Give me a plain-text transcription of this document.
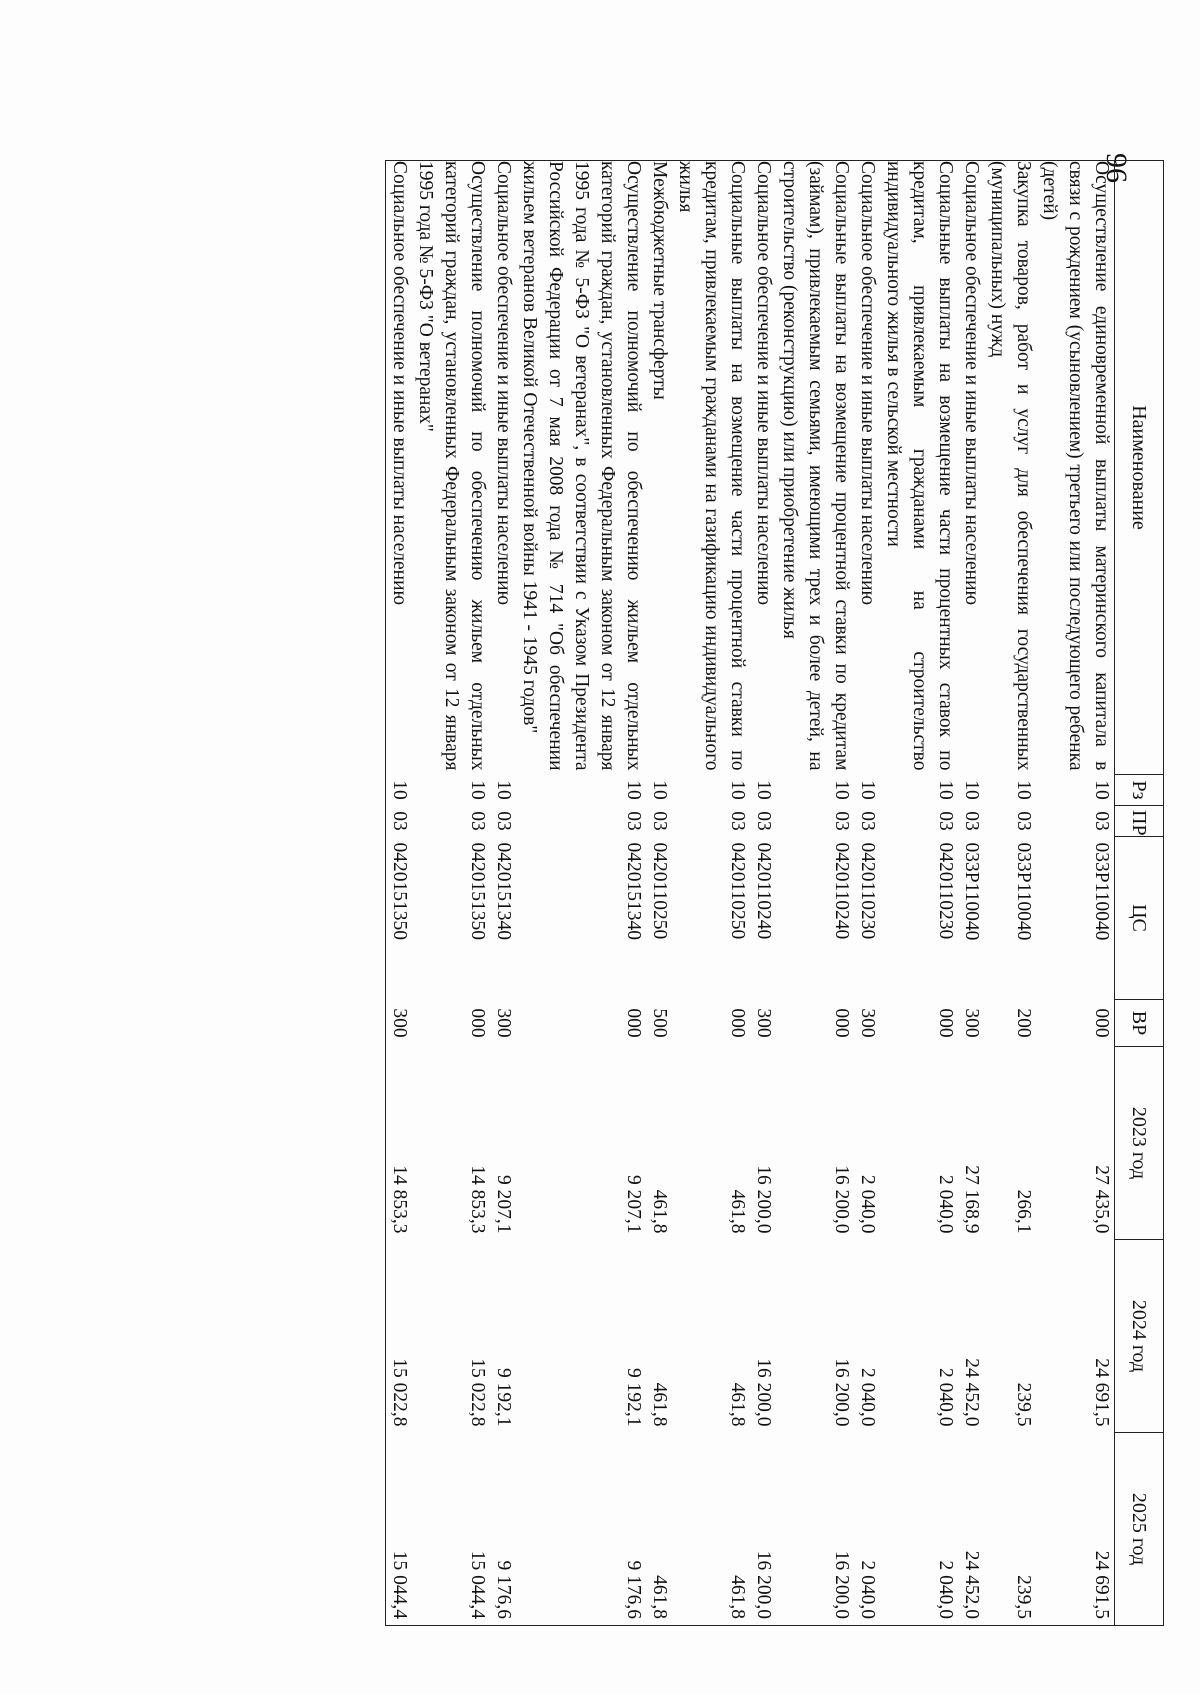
96
Наименование	Рз	ПР	ЦС	ВР	2023 год	2024 год	2025 год
Осуществление единовременной выплаты материнского капитала в связи с рождением (усыновлением) третьего или последующего ребенка (детей)	10	03	033P110040	000	27 435,0	24 691,5	24 691,5
Закупка товаров, работ и услуг для обеспечения государственных (муниципальных) нужд	10	03	033P110040	200	266,1	239,5	239,5
Социальное обеспечение и иные выплаты населению	10	03	033P110040	300	27 168,9	24 452,0	24 452,0
Социальные выплаты на возмещение части процентных ставок по кредитам, привлекаемым гражданами на строительство индивидуального жилья в сельской местности	10	03	0420110230	000	2 040,0	2 040,0	2 040,0
Социальное обеспечение и иные выплаты населению	10	03	0420110230	300	2 040,0	2 040,0	2 040,0
Социальные выплаты на возмещение процентной ставки по кредитам (займам), привлекаемым семьями, имеющими трех и более детей, на строительство (реконструкцию) или приобретение жилья	10	03	0420110240	000	16 200,0	16 200,0	16 200,0
Социальное обеспечение и иные выплаты населению	10	03	0420110240	300	16 200,0	16 200,0	16 200,0
Социальные выплаты на возмещение части процентной ставки по кредитам, привлекаемым гражданами на газификацию индивидуального жилья	10	03	0420110250	000	461,8	461,8	461,8
Межбюджетные трансферты	10	03	0420110250	500	461,8	461,8	461,8
Осуществление полномочий по обеспечению жильем отдельных категорий граждан, установленных Федеральным законом от 12 января 1995 года № 5-ФЗ "О ветеранах", в соответствии с Указом Президента Российской Федерации от 7 мая 2008 года № 714 "Об обеспечении жильем ветеранов Великой Отечественной войны 1941 - 1945 годов"	10	03	0420151340	000	9 207,1	9 192,1	9 176,6
Социальное обеспечение и иные выплаты населению	10	03	0420151340	300	9 207,1	9 192,1	9 176,6
Осуществление полномочий по обеспечению жильем отдельных категорий граждан, установленных Федеральным законом от 12 января 1995 года № 5-ФЗ "О ветеранах"	10	03	0420151350	000	14 853,3	15 022,8	15 044,4
Социальное обеспечение и иные выплаты населению	10	03	0420151350	300	14 853,3	15 022,8	15 044,4
